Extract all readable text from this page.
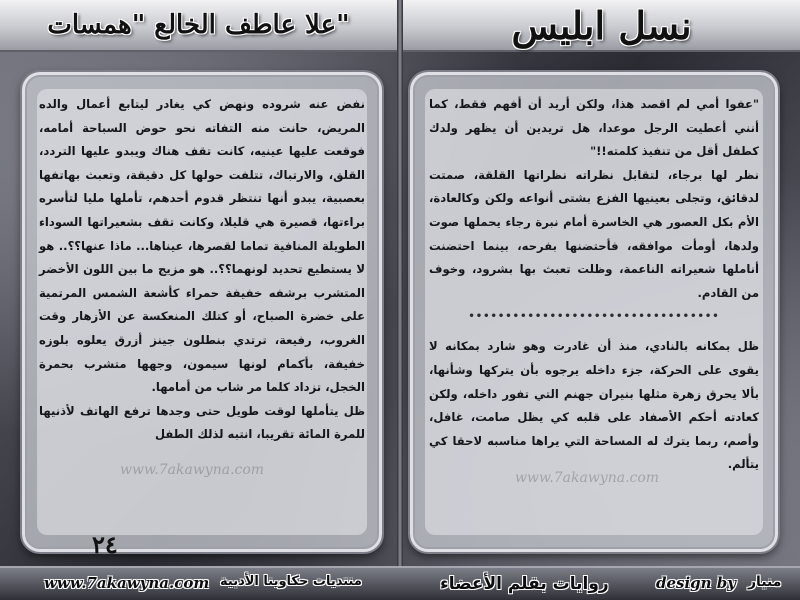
"علا عاطف الخالع "همسات	نسل ابليس

نفض عنه شروده ونهض كي يغادر ليتابع أعمال والده المريض، حانت منه التفاته نحو حوض السباحة أمامه، فوقعت عليها عينيه، كانت تقف هناك ويبدو عليها التردد، القلق، والارتباك، تتلفت حولها كل دقيقة، وتعبث بهاتفها بعصبية، يبدو أنها تنتظر قدوم أحدهم، تأملها مليا لتأسره براءتها، قصيرة هي قليلا، وكانت تقف بشعيراتها السوداء الطويلة المنافية تماما لقصرها، عيناها... ماذا عنها؟؟.. هو لا يستطيع تحديد لونهما؟؟.. هو مزيج ما بين اللون الأخضر المتشرب برشفه خفيفة حمراء كأشعة الشمس المرتمية على خضرة الصباح، أو كتلك المنعكسة عن الأزهار وقت الغروب، رفيعة، ترتدي بنطلون جينز أزرق يعلوه بلوزه خفيفة، بأكمام لونها سيمون، وجهها متشرب بحمرة الخجل، تزداد كلما مر شاب من أمامها.

ظل يتأملها لوقت طويل حتى وجدها ترفع الهاتف لأذنيها للمرة المائة تقريبا، انتبه لذلك الطفل

"عفوا أمي لم اقصد هذا، ولكن أريد أن أفهم فقط، كما أنني أعطيت الرجل موعدا، هل تريدين أن يظهر ولدك كطفل أقل من تنفيذ كلمته!!"

نظر لها برجاء، لتقابل نظراته نظراتها القلقة، صمتت لدقائق، وتجلى بعينيها الفزع بشتى أنواعه ولكن وكالعادة، الأم بكل العصور هي الخاسرة أمام نبرة رجاء يحملها صوت ولدها، أومأت موافقه، فأحتضنها بفرحه، بينما احتضنت أناملها شعيراته الناعمة، وظلت تعبث بها بشرود، وخوف من القادم.

••••••••••••••••••••••••••••••••••

ظل بمكانه بالنادي، منذ أن غادرت وهو شارد بمكانه لا يقوى على الحركة، جزء داخله يرجوه بأن يتركها وشأنها، بألا يحرق زهرة مثلها بنيران جهنم التي تفور داخله، ولكن كعادته أحكم الأصفاد على قلبه كي يظل صامت، غافل، وأصم، ربما يترك له المساحة التي يراها مناسبه لاحقا كي يتألم.

www.7akawyna.com	www.7akawyna.com
٢٤
www.7akawyna.com منتديات حكاوينا الأدبية	روايات بقلم الأعضاء	design by منيار
